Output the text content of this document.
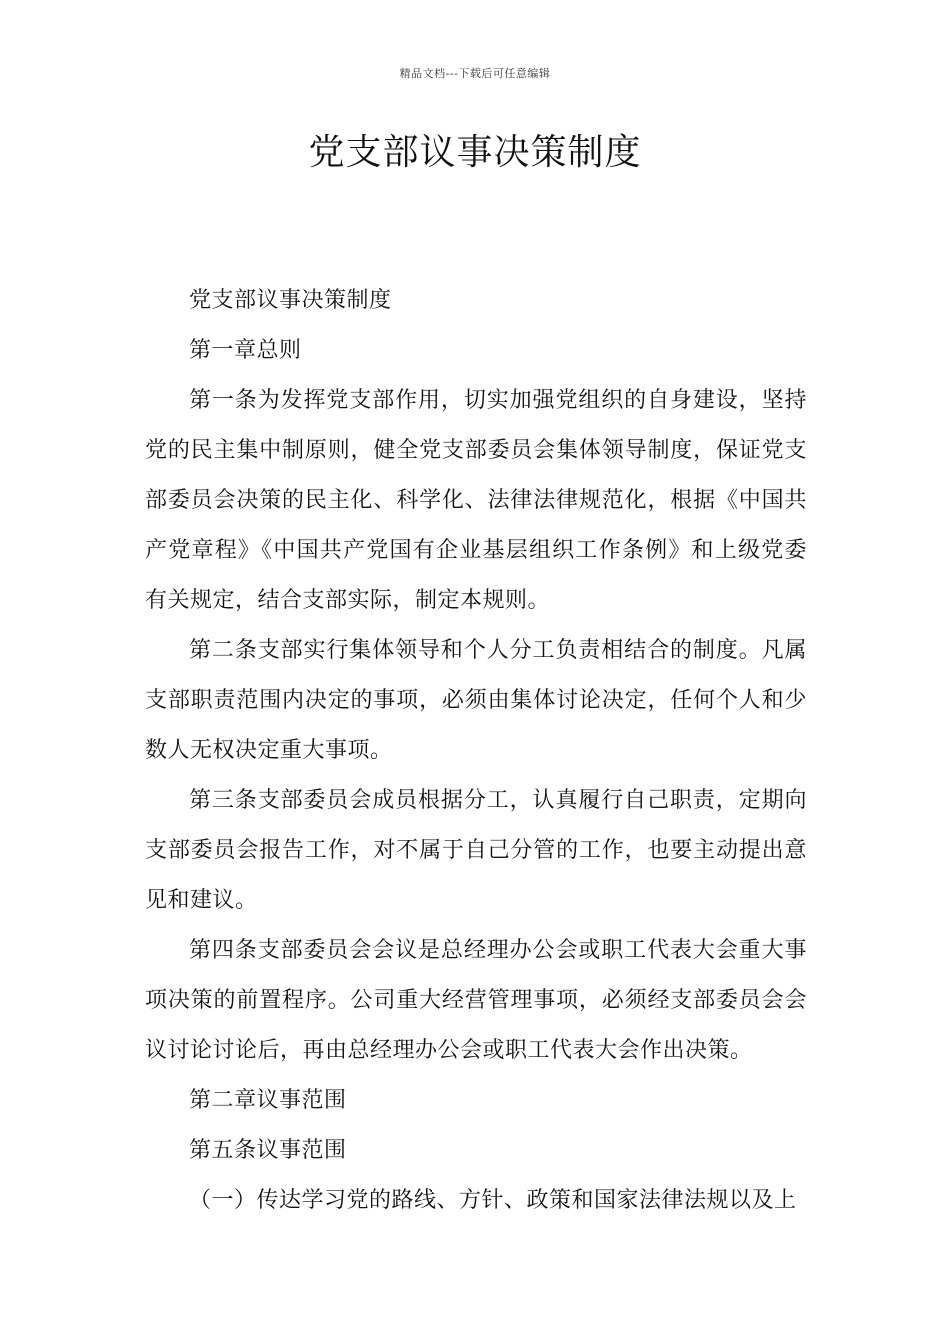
精品文档---下载后可任意编辑
党支部议事决策制度

党支部议事决策制度

第一章总则

第一条为发挥党支部作用，切实加强党组织的自身建设，坚持党的民主集中制原则，健全党支部委员会集体领导制度，保证党支部委员会决策的民主化、科学化、法律法律规范化，根据《中国共产党章程》《中国共产党国有企业基层组织工作条例》和上级党委有关规定，结合支部实际，制定本规则。

第二条支部实行集体领导和个人分工负责相结合的制度。凡属支部职责范围内决定的事项，必须由集体讨论决定，任何个人和少数人无权决定重大事项。

第三条支部委员会成员根据分工，认真履行自己职责，定期向支部委员会报告工作，对不属于自己分管的工作，也要主动提出意见和建议。

第四条支部委员会会议是总经理办公会或职工代表大会重大事项决策的前置程序。公司重大经营管理事项，必须经支部委员会会议讨论讨论后，再由总经理办公会或职工代表大会作出决策。

第二章议事范围

第五条议事范围

（一）传达学习党的路线、方针、政策和国家法律法规以及上
